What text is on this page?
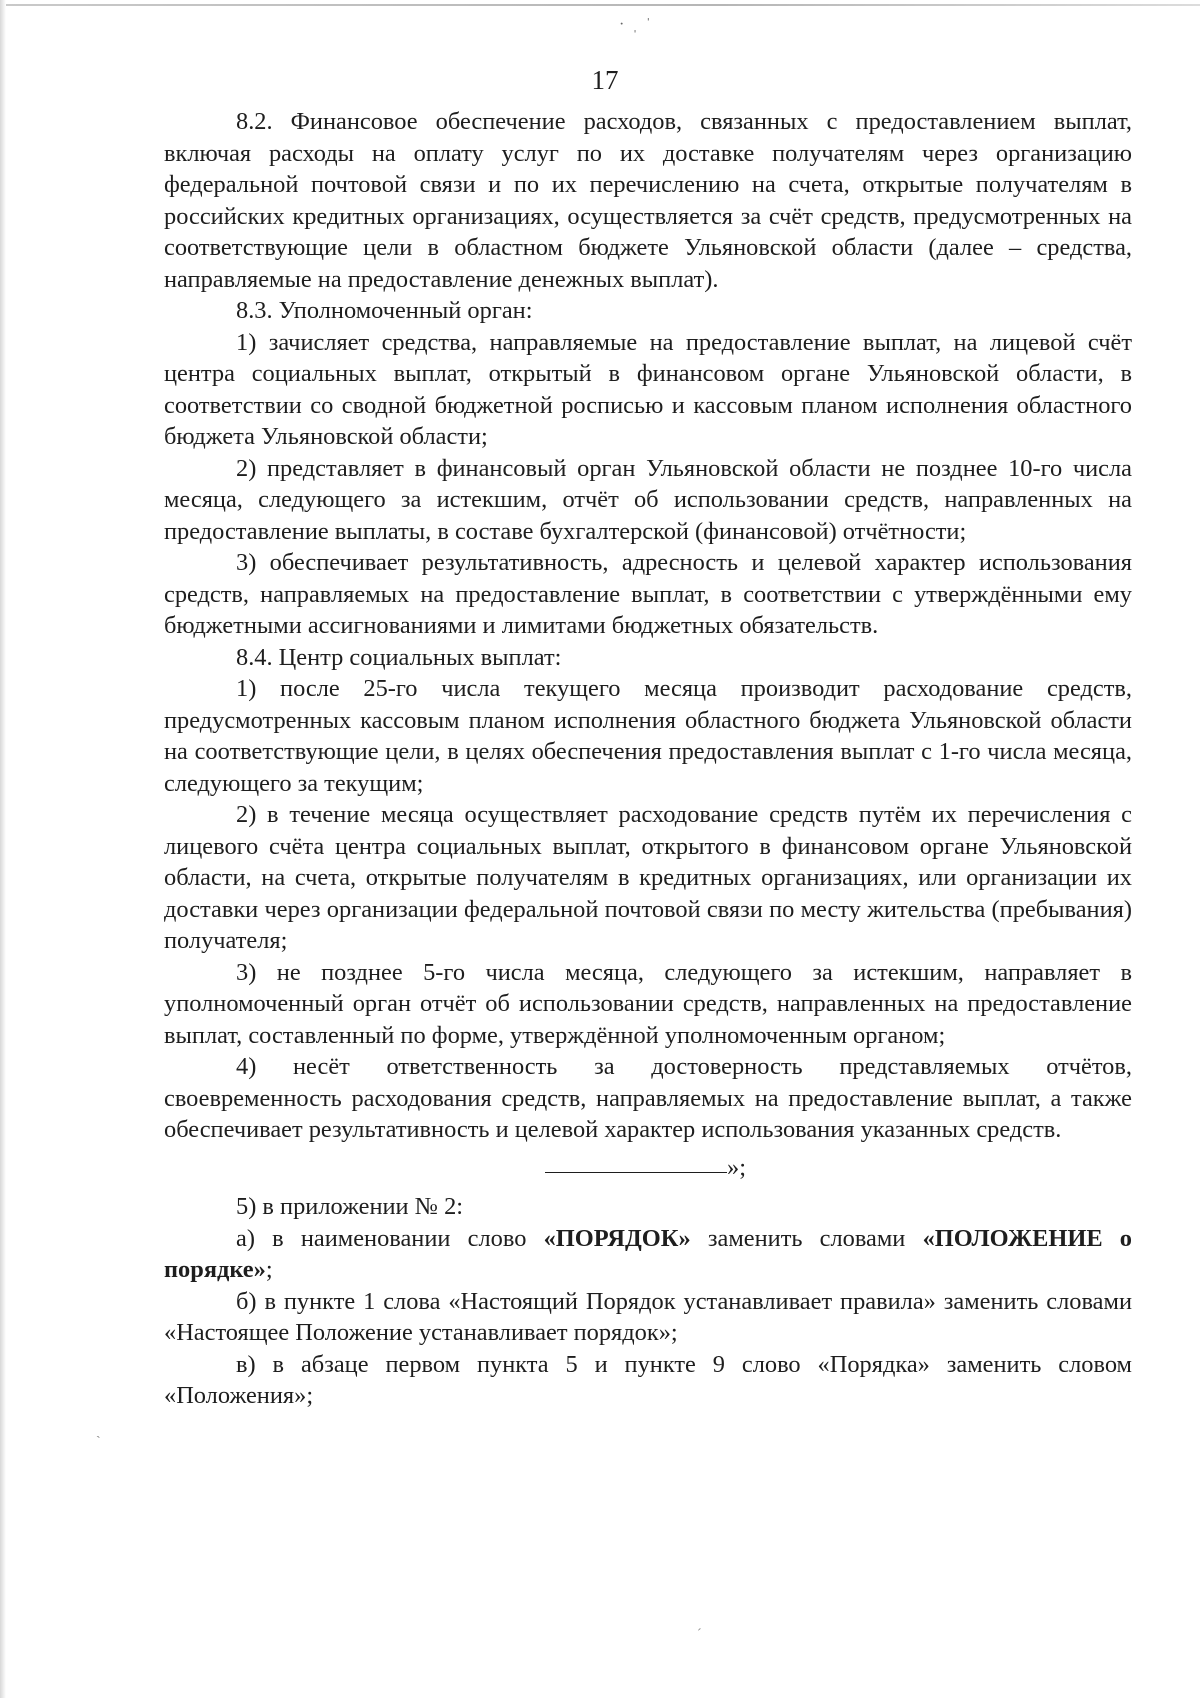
· ˌ ˈ
17

8.2. Финансовое обеспечение расходов, связанных с предоставлением выплат, включая расходы на оплату услуг по их доставке получателям через организацию федеральной почтовой связи и по их перечислению на счета, открытые получателям в российских кредитных организациях, осуществляется за счёт средств, предусмотренных на соответствующие цели в областном бюджете Ульяновской области (далее – средства, направляемые на предоставление денежных выплат).

8.3. Уполномоченный орган:

1) зачисляет средства, направляемые на предоставление выплат, на лицевой счёт центра социальных выплат, открытый в финансовом органе Ульяновской области, в соответствии со сводной бюджетной росписью и кассовым планом исполнения областного бюджета Ульяновской области;

2) представляет в финансовый орган Ульяновской области не позднее 10-го числа месяца, следующего за истекшим, отчёт об использовании средств, направленных на предоставление выплаты, в составе бухгалтерской (финансовой) отчётности;

3) обеспечивает результативность, адресность и целевой характер использования средств, направляемых на предоставление выплат, в соответствии с утверждёнными ему бюджетными ассигнованиями и лимитами бюджетных обязательств.

8.4. Центр социальных выплат:

1) после 25-го числа текущего месяца производит расходование средств, предусмотренных кассовым планом исполнения областного бюджета Ульяновской области на соответствующие цели, в целях обеспечения предоставления выплат с 1-го числа месяца, следующего за текущим;

2) в течение месяца осуществляет расходование средств путём их перечисления с лицевого счёта центра социальных выплат, открытого в финансовом органе Ульяновской области, на счета, открытые получателям в кредитных организациях, или организации их доставки через организации федеральной почтовой связи по месту жительства (пребывания) получателя;

3) не позднее 5-го числа месяца, следующего за истекшим, направляет в уполномоченный орган отчёт об использовании средств, направленных на предоставление выплат, составленный по форме, утверждённой уполномоченным органом;

4) несёт ответственность за достоверность представляемых отчётов, своевременность расходования средств, направляемых на предоставление выплат, а также обеспечивает результативность и целевой характер использования указанных средств.

»;

5) в приложении № 2:

а) в наименовании слово «ПОРЯДОК» заменить словами «ПОЛОЖЕНИЕ о порядке»;

б) в пункте 1 слова «Настоящий Порядок устанавливает правила» заменить словами «Настоящее Положение устанавливает порядок»;

в) в абзаце первом пункта 5 и пункте 9 слово «Порядка» заменить словом «Положения»;

ˏ
ˊ
